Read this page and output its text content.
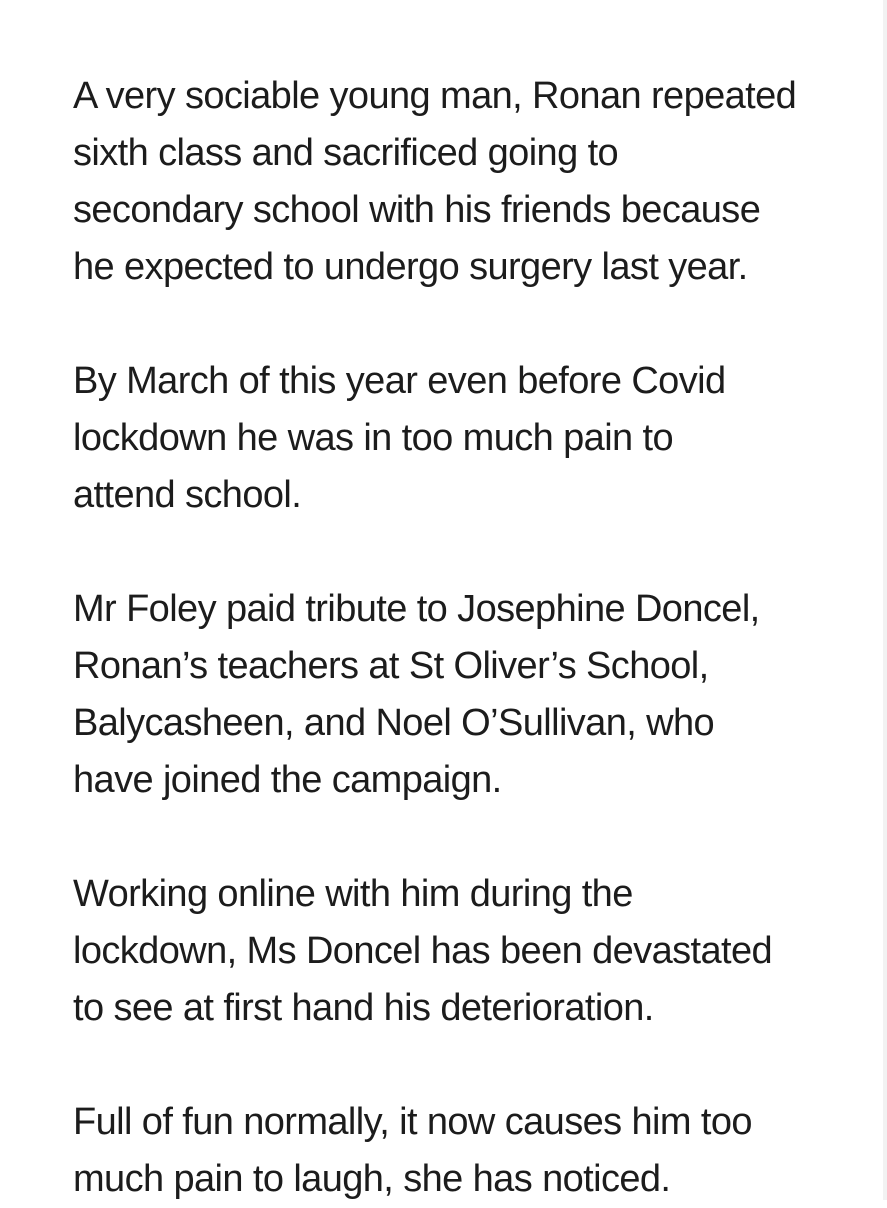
A very sociable young man, Ronan repeated
sixth class and sacrificed going to
secondary school with his friends because
he expected to undergo surgery last year.

By March of this year even before Covid
lockdown he was in too much pain to
attend school.

Mr Foley paid tribute to Josephine Doncel,
Ronan’s teachers at St Oliver’s School,
Balycasheen, and Noel O’Sullivan, who
have joined the campaign.

Working online with him during the
lockdown, Ms Doncel has been devastated
to see at first hand his deterioration.

Full of fun normally, it now causes him too
much pain to laugh, she has noticed.
